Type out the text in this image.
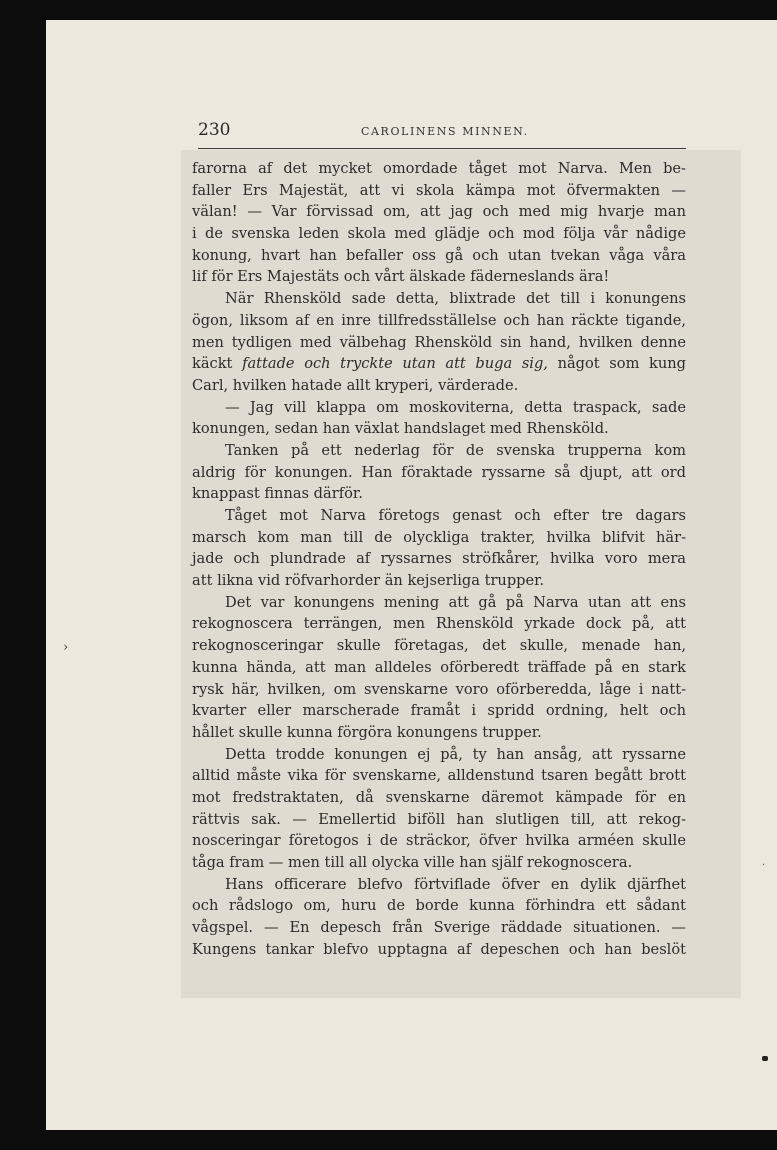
230	CAROLINENS MINNEN.
farorna af det mycket omordade tåget mot Narva. Men be-
faller Ers Majestät, att vi skola kämpa mot öfvermakten —
välan! — Var förvissad om, att jag och med mig hvarje man
i de svenska leden skola med glädje och mod följa vår nådige
konung, hvart han befaller oss gå och utan tvekan våga våra
lif för Ers Majestäts och vårt älskade fäderneslands ära!
När Rhensköld sade detta, blixtrade det till i konungens
ögon, liksom af en inre tillfredsställelse och han räckte tigande,
men tydligen med välbehag Rhensköld sin hand, hvilken denne
käckt fattade och tryckte utan att buga sig, något som kung
Carl, hvilken hatade allt kryperi, värderade.
— Jag vill klappa om moskoviterna, detta traspack, sade
konungen, sedan han växlat handslaget med Rhensköld.
Tanken på ett nederlag för de svenska trupperna kom
aldrig för konungen. Han föraktade ryssarne så djupt, att ord
knappast finnas därför.
Tåget mot Narva företogs genast och efter tre dagars
marsch kom man till de olyckliga trakter, hvilka blifvit här-
jade och plundrade af ryssarnes ströfkårer, hvilka voro mera
att likna vid röfvarhorder än kejserliga trupper.
Det var konungens mening att gå på Narva utan att ens
rekognoscera terrängen, men Rhensköld yrkade dock på, att
rekognosceringar skulle företagas, det skulle, menade han,
kunna hända, att man alldeles oförberedt träffade på en stark
rysk här, hvilken, om svenskarne voro oförberedda, låge i natt-
kvarter eller marscherade framåt i spridd ordning, helt och
hållet skulle kunna förgöra konungens trupper.
Detta trodde konungen ej på, ty han ansåg, att ryssarne
alltid måste vika för svenskarne, alldenstund tsaren begått brott
mot fredstraktaten, då svenskarne däremot kämpade för en
rättvis sak. — Emellertid biföll han slutligen till, att rekog-
nosceringar företogos i de sträckor, öfver hvilka arméen skulle
tåga fram — men till all olycka ville han själf rekognoscera.
Hans officerare blefvo förtviflade öfver en dylik djärfhet
och rådslogo om, huru de borde kunna förhindra ett sådant
vågspel. — En depesch från Sverige räddade situationen. —
Kungens tankar blefvo upptagna af depeschen och han beslöt
›
·
